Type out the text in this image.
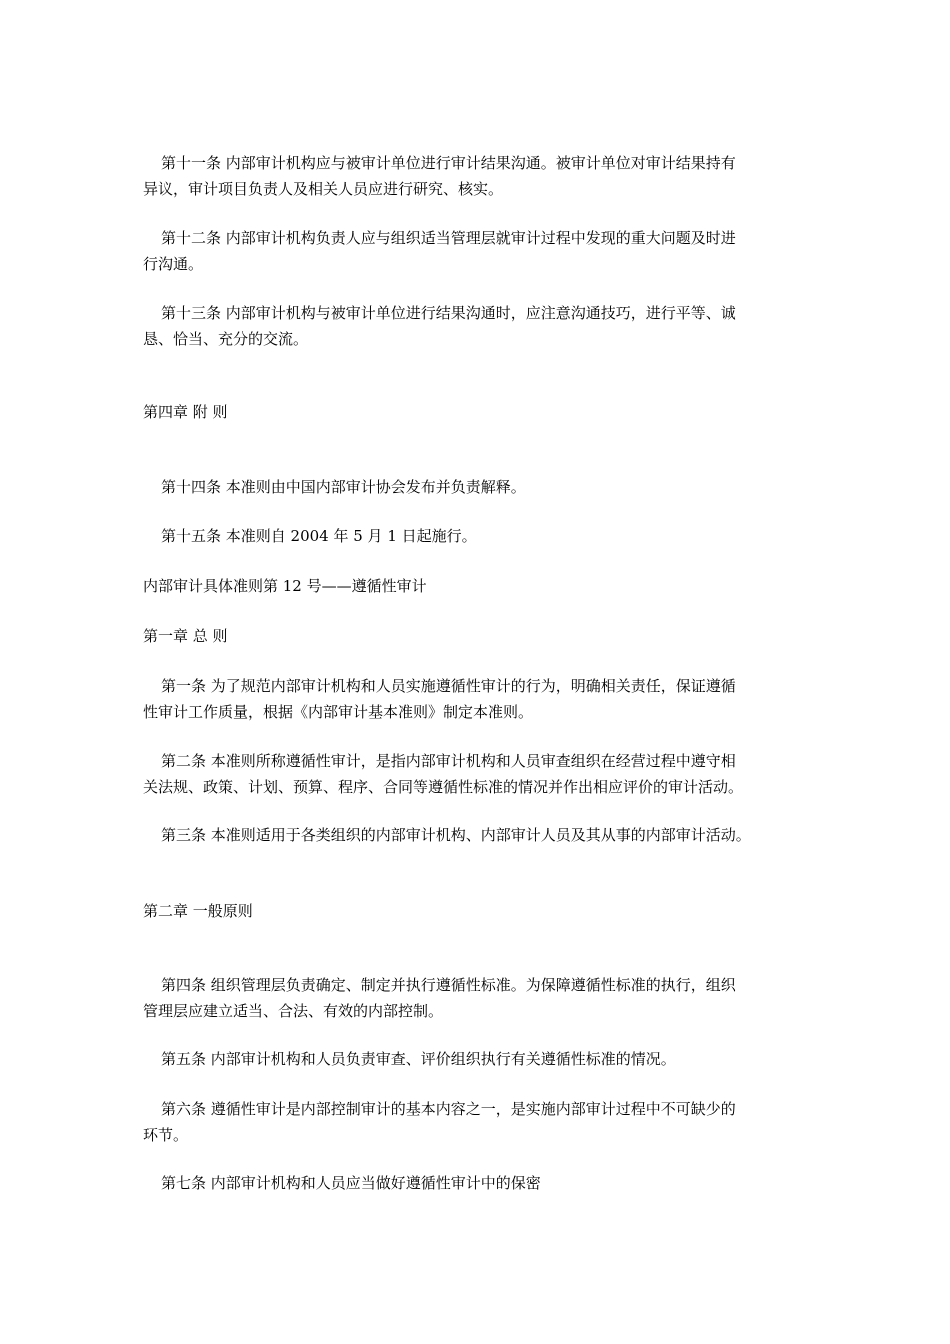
第十一条 内部审计机构应与被审计单位进行审计结果沟通。被审计单位对审计结果持有
异议，审计项目负责人及相关人员应进行研究、核实。
第十二条 内部审计机构负责人应与组织适当管理层就审计过程中发现的重大问题及时进
行沟通。
第十三条 内部审计机构与被审计单位进行结果沟通时，应注意沟通技巧，进行平等、诚
恳、恰当、充分的交流。
第四章 附 则
第十四条 本准则由中国内部审计协会发布并负责解释。
第十五条 本准则自 2004 年 5 月 1 日起施行。
内部审计具体准则第 12 号——遵循性审计
第一章 总 则
第一条 为了规范内部审计机构和人员实施遵循性审计的行为，明确相关责任，保证遵循
性审计工作质量，根据《内部审计基本准则》制定本准则。
第二条 本准则所称遵循性审计，是指内部审计机构和人员审查组织在经营过程中遵守相
关法规、政策、计划、预算、程序、合同等遵循性标准的情况并作出相应评价的审计活动。
第三条 本准则适用于各类组织的内部审计机构、内部审计人员及其从事的内部审计活动。
第二章 一般原则
第四条 组织管理层负责确定、制定并执行遵循性标准。为保障遵循性标准的执行，组织
管理层应建立适当、合法、有效的内部控制。
第五条 内部审计机构和人员负责审查、评价组织执行有关遵循性标准的情况。
第六条 遵循性审计是内部控制审计的基本内容之一，是实施内部审计过程中不可缺少的
环节。
第七条 内部审计机构和人员应当做好遵循性审计中的保密
